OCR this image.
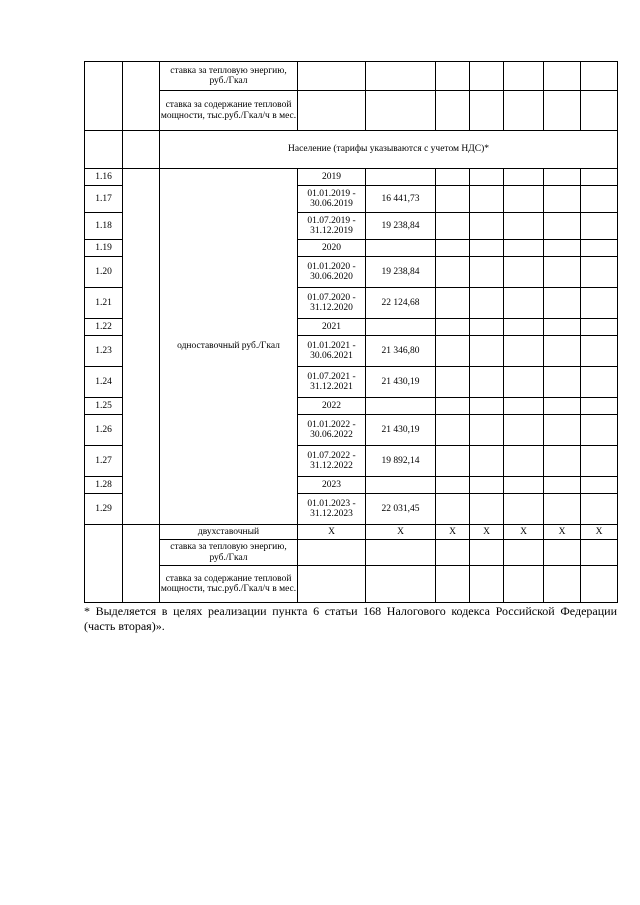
		ставка за тепловую энергию, руб./Гкал							
		ставка за содержание тепловой мощности, тыс.руб./Гкал/ч в мес.							
		Население (тарифы указываются с учетом НДС)*							
1.16		одноставочный руб./Гкал	2019						
1.17			01.01.2019 - 30.06.2019	16 441,73					
1.18			01.07.2019 - 31.12.2019	19 238,84					
1.19			2020						
1.20			01.01.2020 - 30.06.2020	19 238,84					
1.21			01.07.2020 - 31.12.2020	22 124,68					
1.22			2021						
1.23			01.01.2021 - 30.06.2021	21 346,80					
1.24			01.07.2021 - 31.12.2021	21 430,19					
1.25			2022						
1.26			01.01.2022 - 30.06.2022	21 430,19					
1.27			01.07.2022 - 31.12.2022	19 892,14					
1.28			2023						
1.29			01.01.2023 - 31.12.2023	22 031,45					
		двухставочный	Х	Х	Х	Х	Х	Х	Х
		ставка за тепловую энергию, руб./Гкал							
		ставка за содержание тепловой мощности, тыс.руб./Гкал/ч в мес.							
* Выделяется в целях реализации пункта 6 статьи 168 Налогового кодекса Российской Федерации (часть вторая)».
